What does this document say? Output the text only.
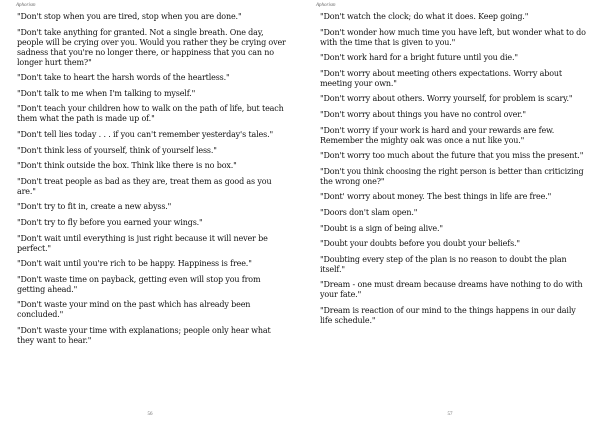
Aphorism
"Don't stop when you are tired, stop when you are done."
"Don't take anything for granted. Not a single breath. One day, people will be crying over you. Would you rather they be crying over sadness that you're no longer there, or happiness that you can no longer hurt them?"
"Don't take to heart the harsh words of the heartless."
"Don't talk to me when I'm talking to myself."
"Don't teach your children how to walk on the path of life, but teach them what the path is made up of."
"Don't tell lies today . . . if you can't remember yesterday's tales."
"Don't think less of yourself, think of yourself less."
"Don't think outside the box. Think like there is no box."
"Don't treat people as bad as they are, treat them as good as you are."
"Don't try to fit in, create a new abyss."
"Don't try to fly before you earned your wings."
"Don't wait until everything is just right because it will never be perfect."
"Don't wait until you're rich to be happy. Happiness is free."
"Don't waste time on payback, getting even will stop you from getting ahead."
"Don't waste your mind on the past which has already been concluded."
"Don't waste your time with explanations; people only hear what they want to hear."
56
Aphorism
"Don't watch the clock; do what it does. Keep going."
"Don't wonder how much time you have left, but wonder what to do with the time that is given to you."
"Don't work hard for a bright future until you die."
"Don't worry about meeting others expectations. Worry about meeting your own."
"Don't worry about others. Worry yourself, for problem is scary."
"Don't worry about things you have no control over."
"Don't worry if your work is hard and your rewards are few. Remember the mighty oak was once a nut like you."
"Don't worry too much about the future that you miss the present."
"Don't you think choosing the right person is better than criticizing the wrong one?"
"Dont' worry about money. The best things in life are free."
"Doors don't slam open."
"Doubt is a sign of being alive."
"Doubt your doubts before you doubt your beliefs."
"Doubting every step of the plan is no reason to doubt the plan itself."
"Dream - one must dream because dreams have nothing to do with your fate."
"Dream is reaction of our mind to the things happens in our daily life schedule."
57
